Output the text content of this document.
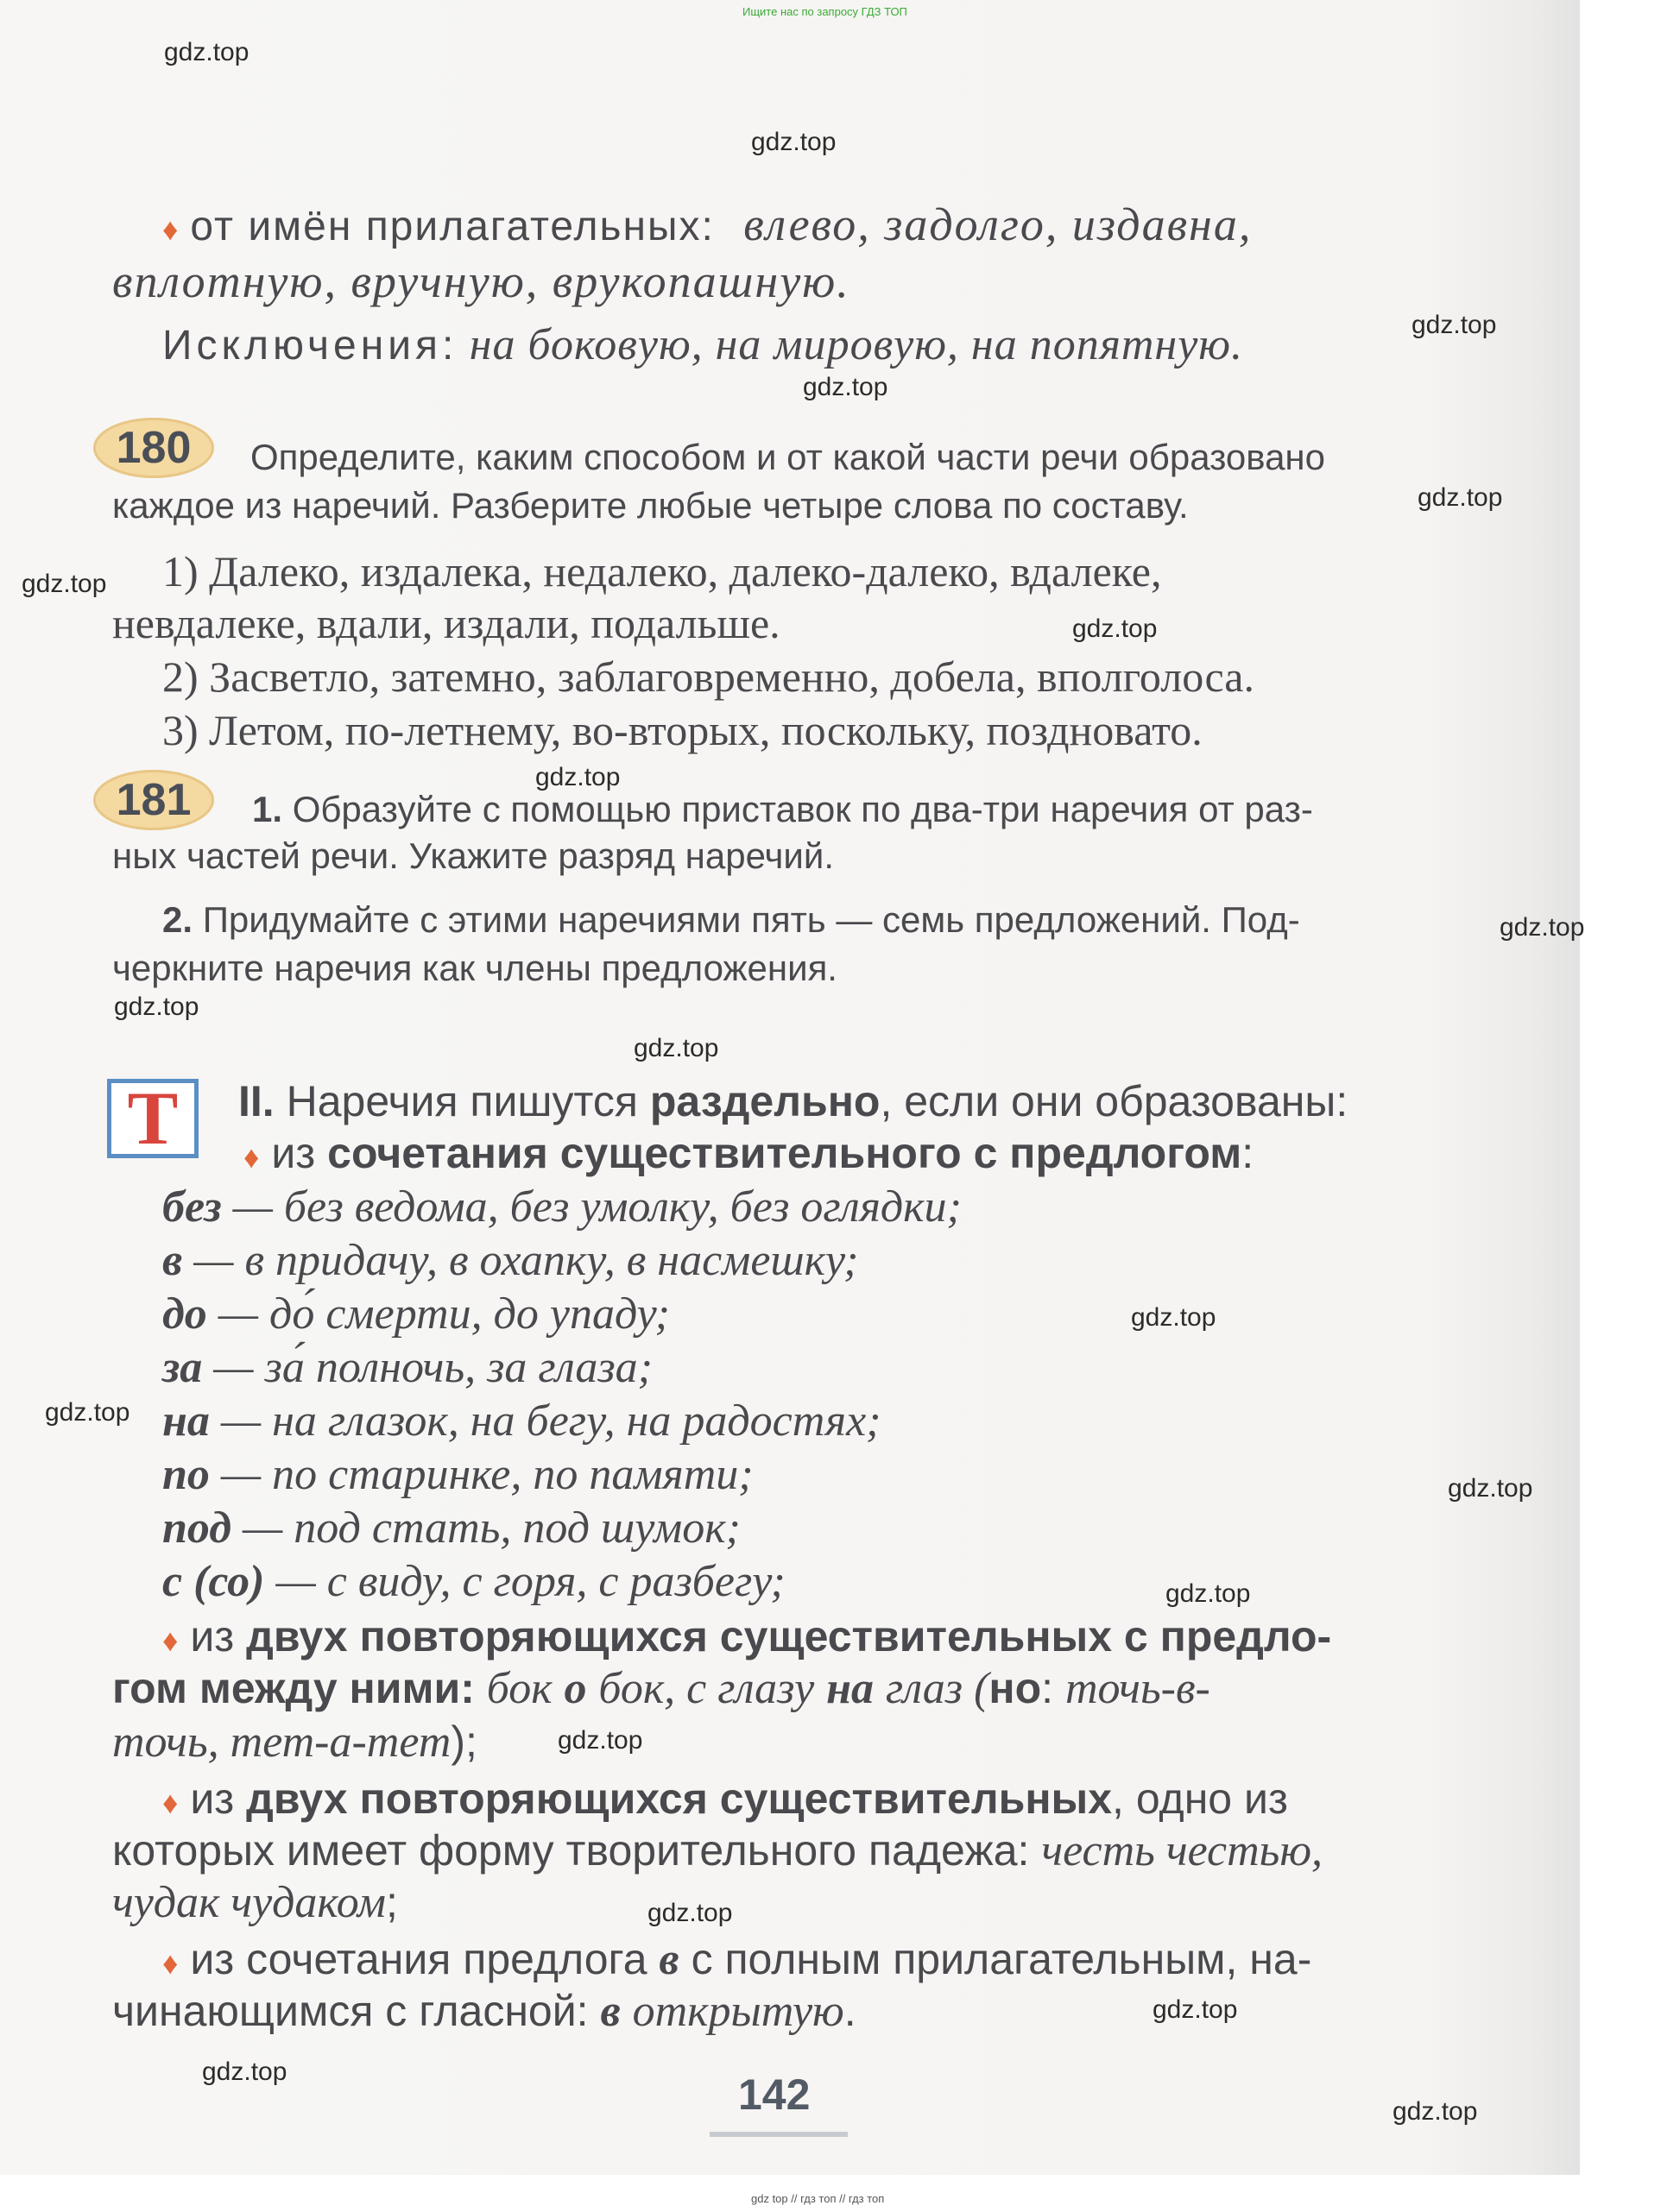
Ищите нас по запросу ГДЗ ТОП
gdz.top
gdz.top
gdz.top
gdz.top
gdz.top
gdz.top
gdz.top
gdz.top
gdz.top
gdz.top
gdz.top
gdz.top
gdz.top
gdz.top
gdz.top
gdz.top
gdz.top
gdz.top
gdz.top
gdz.top
♦ от имён прилагательных: влево, задолго, издавна,
вплотную, вручную, врукопашную.
Исключения: на боковую, на мировую, на попятную.
180	Определите, каким способом и от какой части речи образовано
каждое из наречий. Разберите любые четыре слова по составу.
1) Далеко, издалека, недалеко, далеко-далеко, вдалеке,
невдалеке, вдали, издали, подальше.
2) Засветло, затемно, заблаговременно, добела, вполголоса.
3) Летом, по-летнему, во-вторых, поскольку, поздновато.
181	1. Образуйте с помощью приставок по два-три наречия от раз-
ных частей речи. Укажите разряд наречий.
2. Придумайте с этими наречиями пять — семь предложений. Под-
черкните наречия как члены предложения.
Т	II. Наречия пишутся раздельно, если они образованы:
♦ из сочетания существительного с предлогом:
без — без ведома, без умолку, без оглядки;
в — в придачу, в охапку, в насмешку;
до — до́ смерти, до упаду;
за — за́ полночь, за глаза;
на — на глазок, на бегу, на радостях;
по — по старинке, по памяти;
под — под стать, под шумок;
с (со) — с виду, с горя, с разбегу;
♦ из двух повторяющихся существительных с предло-
гом между ними: бок о бок, с глазу на глаз (но: точь-в-
точь, тет-а-тет);
♦ из двух повторяющихся существительных, одно из
которых имеет форму творительного падежа: честь честью,
чудак чудаком;
♦ из сочетания предлога в с полным прилагательным, на-
чинающимся с гласной: в открытую.
142
gdz top // гдз топ // гдз топ
